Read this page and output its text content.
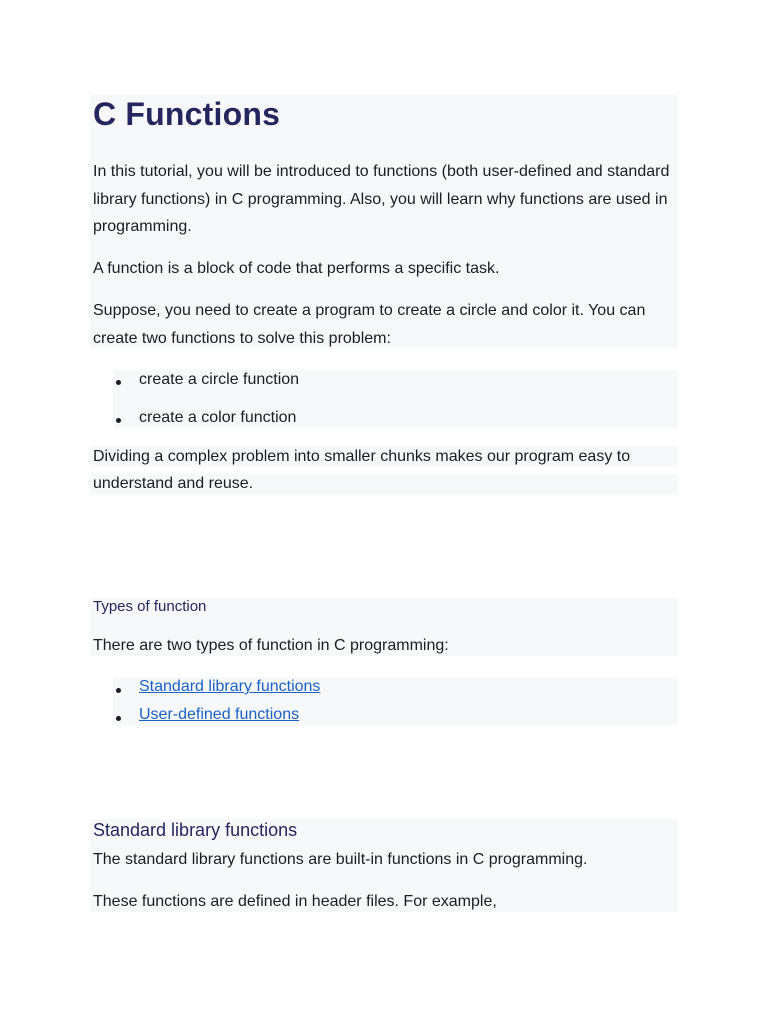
C Functions

In this tutorial, you will be introduced to functions (both user-defined and standard library functions) in C programming. Also, you will learn why functions are used in programming.

A function is a block of code that performs a specific task.

Suppose, you need to create a program to create a circle and color it. You can create two functions to solve this problem:

create a circle function
create a color function

Dividing a complex problem into smaller chunks makes our program easy to understand and reuse.

Types of function

There are two types of function in C programming:

Standard library functions
User-defined functions
Standard library functions

The standard library functions are built-in functions in C programming.

These functions are defined in header files. For example,
